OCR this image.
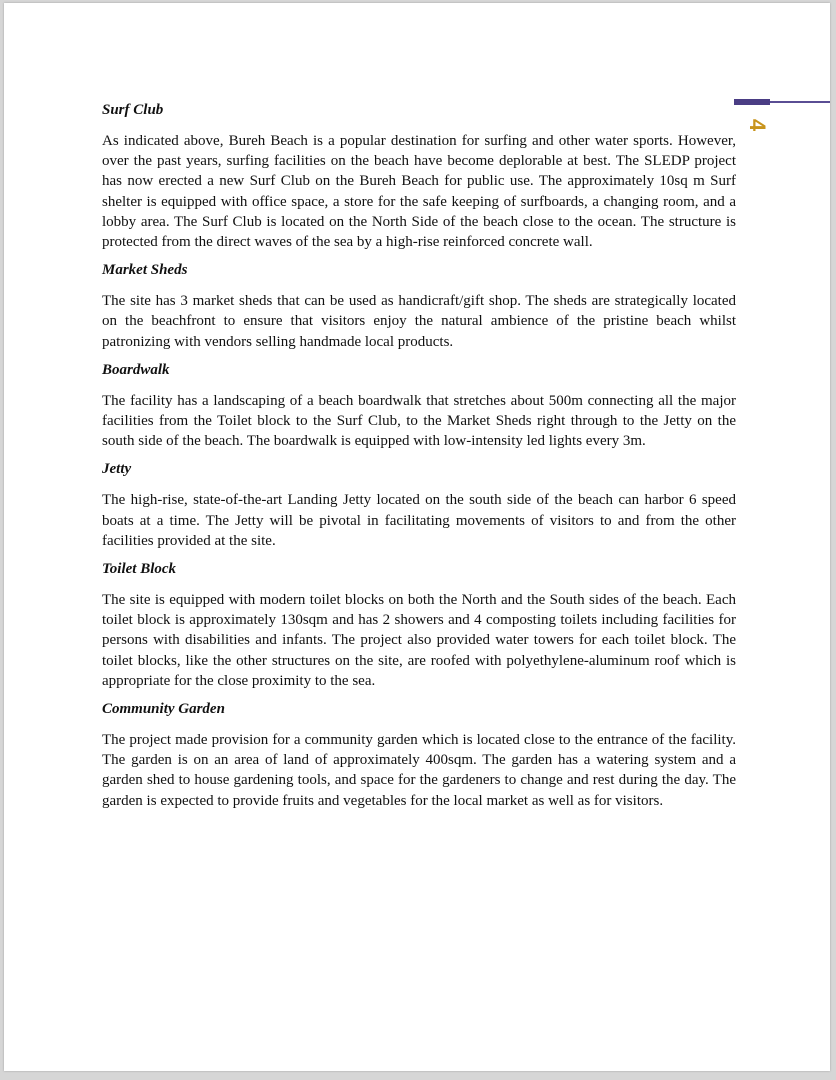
4
Surf Club

As indicated above, Bureh Beach is a popular destination for surfing and other water sports. However, over the past years, surfing facilities on the beach have become deplorable at best. The SLEDP project has now erected a new Surf Club on the Bureh Beach for public use. The approximately 10sq m Surf shelter is equipped with office space, a store for the safe keeping of surfboards, a changing room, and a lobby area. The Surf Club is located on the North Side of the beach close to the ocean. The structure is protected from the direct waves of the sea by a high-rise reinforced concrete wall.

Market Sheds

The site has 3 market sheds that can be used as handicraft/gift shop. The sheds are strategically located on the beachfront to ensure that visitors enjoy the natural ambience of the pristine beach whilst patronizing with vendors selling handmade local products.

Boardwalk

The facility has a landscaping of a beach boardwalk that stretches about 500m connecting all the major facilities from the Toilet block to the Surf Club, to the Market Sheds right through to the Jetty on the south side of the beach. The boardwalk is equipped with low-intensity led lights every 3m.

Jetty

The high-rise, state-of-the-art Landing Jetty located on the south side of the beach can harbor 6 speed boats at a time. The Jetty will be pivotal in facilitating movements of visitors to and from the other facilities provided at the site.

Toilet Block

The site is equipped with modern toilet blocks on both the North and the South sides of the beach. Each toilet block is approximately 130sqm and has 2 showers and 4 composting toilets including facilities for persons with disabilities and infants. The project also provided water towers for each toilet block. The toilet blocks, like the other structures on the site, are roofed with polyethylene-aluminum roof which is appropriate for the close proximity to the sea.

Community Garden

The project made provision for a community garden which is located close to the entrance of the facility. The garden is on an area of land of approximately 400sqm. The garden has a watering system and a garden shed to house gardening tools, and space for the gardeners to change and rest during the day. The garden is expected to provide fruits and vegetables for the local market as well as for visitors.
